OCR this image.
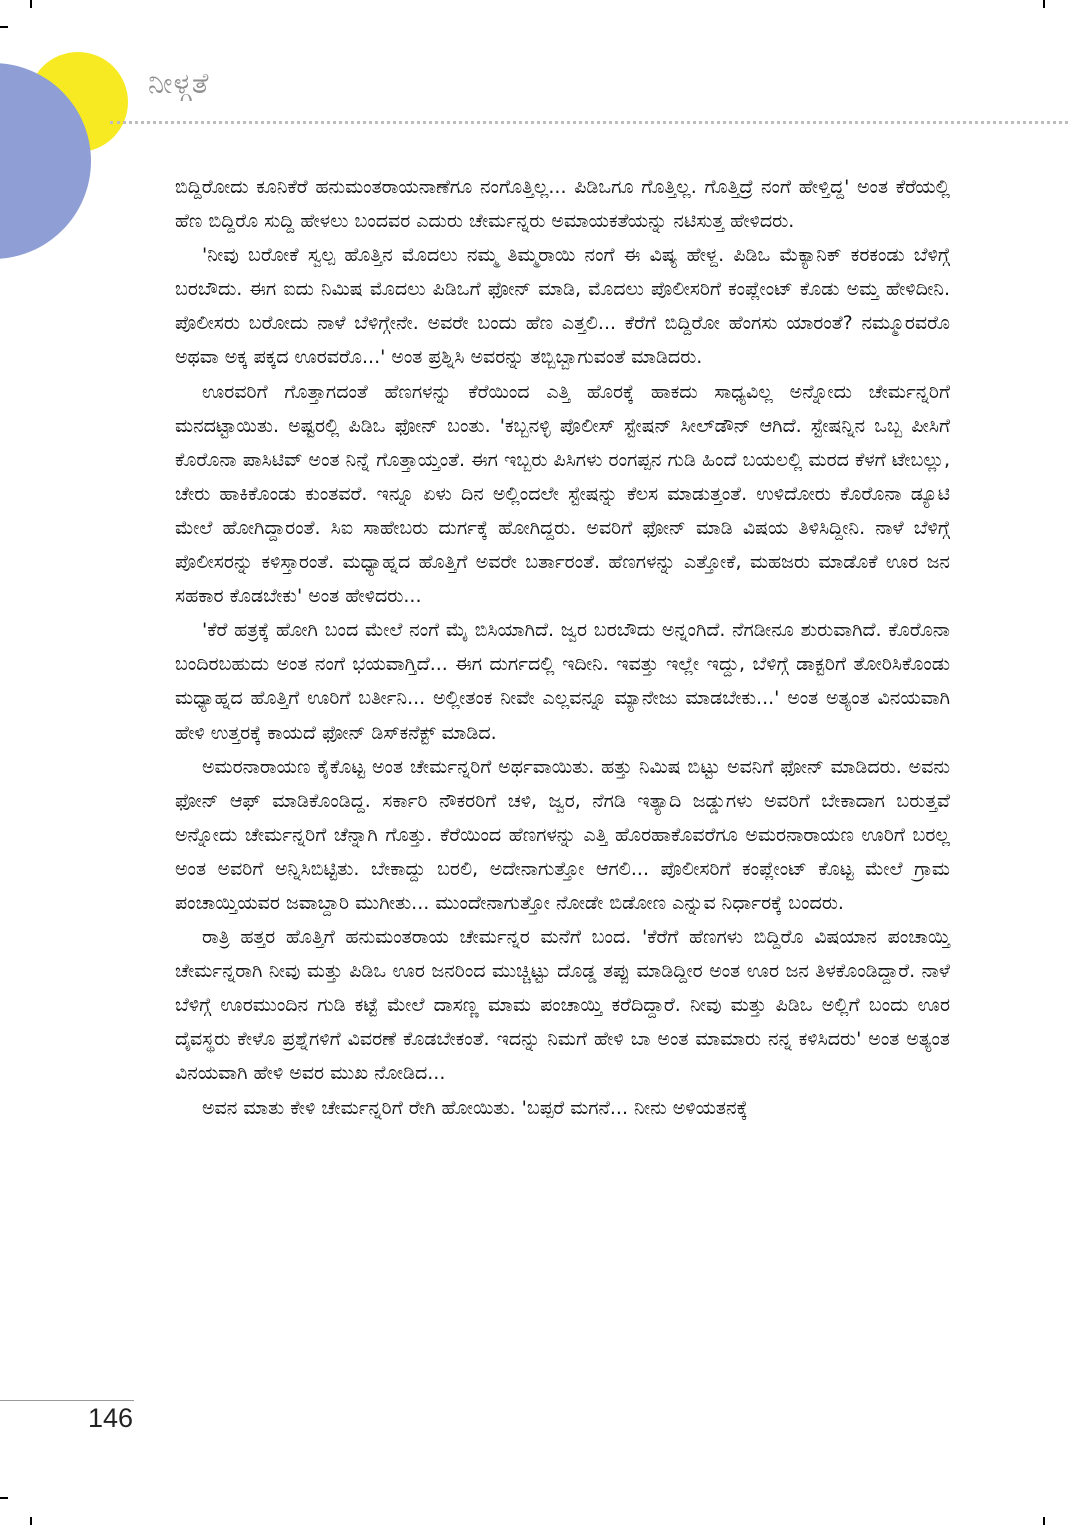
ನೀಳ್ಗತೆ

ಬಿದ್ದಿರೋದು ಕೂನಿಕೆರೆ ಹನುಮಂತರಾಯನಾಣೆಗೂ ನಂಗೊತ್ತಿಲ್ಲ... ಪಿಡಿಒಗೂ ಗೊತ್ತಿಲ್ಲ. ಗೊತ್ತಿದ್ರೆ ನಂಗೆ ಹೇಳ್ತಿದ್ದ' ಅಂತ ಕೆರೆಯಲ್ಲಿ ಹೆಣ ಬಿದ್ದಿರೊ ಸುದ್ದಿ ಹೇಳಲು ಬಂದವರ ಎದುರು ಚೇರ್ಮನ್ನರು ಅಮಾಯಕತೆಯನ್ನು ನಟಿಸುತ್ತ ಹೇಳಿದರು.

'ನೀವು ಬರೋಕೆ ಸ್ವಲ್ಪ ಹೊತ್ತಿನ ಮೊದಲು ನಮ್ಮ ತಿಮ್ಮರಾಯಿ ನಂಗೆ ಈ ವಿಷ್ಯ ಹೇಳ್ದ. ಪಿಡಿಒ ಮೆಕ್ಯಾನಿಕ್ ಕರಕಂಡು ಬೆಳಿಗ್ಗೆ ಬರಬೌದು. ಈಗ ಐದು ನಿಮಿಷ ಮೊದಲು ಪಿಡಿಒಗೆ ಫೋನ್ ಮಾಡಿ, ಮೊದಲು ಪೊಲೀಸರಿಗೆ ಕಂಪ್ಲೇಂಟ್ ಕೊಡು ಅಮ್ತ ಹೇಳಿದೀನಿ. ಪೊಲೀಸರು ಬರೋದು ನಾಳೆ ಬೆಳಿಗ್ಗೇನೇ. ಅವರೇ ಬಂದು ಹೆಣ ಎತ್ತಲಿ... ಕೆರೆಗೆ ಬಿದ್ದಿರೋ ಹೆಂಗಸು ಯಾರಂತೆ? ನಮ್ಮೂರವರೊ ಅಥವಾ ಅಕ್ಕ ಪಕ್ಕದ ಊರವರೊ...' ಅಂತ ಪ್ರಶ್ನಿಸಿ ಅವರನ್ನು ತಬ್ಬಿಬ್ಬಾಗುವಂತೆ ಮಾಡಿದರು.

ಊರವರಿಗೆ ಗೊತ್ತಾಗದಂತೆ ಹೆಣಗಳನ್ನು ಕೆರೆಯಿಂದ ಎತ್ತಿ ಹೊರಕ್ಕೆ ಹಾಕದು ಸಾಧ್ಯವಿಲ್ಲ ಅನ್ನೋದು ಚೇರ್ಮನ್ನರಿಗೆ ಮನದಟ್ಟಾಯಿತು. ಅಷ್ಟರಲ್ಲಿ ಪಿಡಿಒ ಫೋನ್ ಬಂತು. 'ಕಬ್ಬನಳ್ಳಿ ಪೊಲೀಸ್ ಸ್ಟೇಷನ್ ಸೀಲ್‌ಡೌನ್ ಆಗಿದೆ. ಸ್ಟೇಷನ್ನಿನ ಒಬ್ಬ ಪೀಸಿಗೆ ಕೊರೊನಾ ಪಾಸಿಟಿವ್ ಅಂತ ನಿನ್ನೆ ಗೊತ್ತಾಯ್ತಂತೆ. ಈಗ ಇಬ್ಬರು ಪಿಸಿಗಳು ರಂಗಪ್ಪನ ಗುಡಿ ಹಿಂದೆ ಬಯಲಲ್ಲಿ ಮರದ ಕೆಳಗೆ ಟೇಬಲ್ಲು, ಚೇರು ಹಾಕಿಕೊಂಡು ಕುಂತವರೆ. ಇನ್ನೂ ಏಳು ದಿನ ಅಲ್ಲಿಂದಲೇ ಸ್ಟೇಷನ್ನು ಕೆಲಸ ಮಾಡುತ್ತಂತೆ. ಉಳಿದೋರು ಕೊರೊನಾ ಡ್ಯೂಟಿ ಮೇಲೆ ಹೋಗಿದ್ದಾರಂತೆ. ಸಿಐ ಸಾಹೇಬರು ದುರ್ಗಕ್ಕೆ ಹೋಗಿದ್ದರು. ಅವರಿಗೆ ಫೋನ್ ಮಾಡಿ ವಿಷಯ ತಿಳಿಸಿದ್ದೀನಿ. ನಾಳೆ ಬೆಳಿಗ್ಗೆ ಪೊಲೀಸರನ್ನು ಕಳಿಸ್ತಾರಂತೆ. ಮಧ್ಯಾಹ್ನದ ಹೊತ್ತಿಗೆ ಅವರೇ ಬರ್ತಾರಂತೆ. ಹೆಣಗಳನ್ನು ಎತ್ತೋಕೆ, ಮಹಜರು ಮಾಡೊಕೆ ಊರ ಜನ ಸಹಕಾರ ಕೊಡಬೇಕು' ಅಂತ ಹೇಳಿದರು...

'ಕೆರೆ ಹತ್ರಕ್ಕೆ ಹೋಗಿ ಬಂದ ಮೇಲೆ ನಂಗೆ ಮೈ ಬಿಸಿಯಾಗಿದೆ. ಜ್ವರ ಬರಬೌದು ಅನ್ನಂಗಿದೆ. ನೆಗಡೀನೂ ಶುರುವಾಗಿದೆ. ಕೊರೊನಾ ಬಂದಿರಬಹುದು ಅಂತ ನಂಗೆ ಭಯವಾಗ್ತಿದೆ... ಈಗ ದುರ್ಗದಲ್ಲಿ ಇದೀನಿ. ಇವತ್ತು ಇಲ್ಲೇ ಇದ್ದು, ಬೆಳಿಗ್ಗೆ ಡಾಕ್ಟರಿಗೆ ತೋರಿಸಿಕೊಂಡು ಮಧ್ಯಾಹ್ನದ ಹೊತ್ತಿಗೆ ಊರಿಗೆ ಬರ್ತೀನಿ... ಅಲ್ಲೀತಂಕ ನೀವೇ ಎಲ್ಲವನ್ನೂ ಮ್ಯಾನೇಜು ಮಾಡಬೇಕು...' ಅಂತ ಅತ್ಯಂತ ವಿನಯವಾಗಿ ಹೇಳಿ ಉತ್ತರಕ್ಕೆ ಕಾಯದೆ ಫೋನ್ ಡಿಸ್‌ಕನೆಕ್ಟ್ ಮಾಡಿದ.

ಅಮರನಾರಾಯಣ ಕೈಕೊಟ್ಟ ಅಂತ ಚೇರ್ಮನ್ನರಿಗೆ ಅರ್ಥವಾಯಿತು. ಹತ್ತು ನಿಮಿಷ ಬಿಟ್ಟು ಅವನಿಗೆ ಫೋನ್ ಮಾಡಿದರು. ಅವನು ಫೋನ್ ಆಫ್ ಮಾಡಿಕೊಂಡಿದ್ದ. ಸರ್ಕಾರಿ ನೌಕರರಿಗೆ ಚಳಿ, ಜ್ವರ, ನೆಗಡಿ ಇತ್ಯಾದಿ ಜಡ್ಡುಗಳು ಅವರಿಗೆ ಬೇಕಾದಾಗ ಬರುತ್ತವೆ ಅನ್ನೋದು ಚೇರ್ಮನ್ನರಿಗೆ ಚೆನ್ನಾಗಿ ಗೊತ್ತು. ಕೆರೆಯಿಂದ ಹೆಣಗಳನ್ನು ಎತ್ತಿ ಹೊರಹಾಕೊವರೆಗೂ ಅಮರನಾರಾಯಣ ಊರಿಗೆ ಬರಲ್ಲ ಅಂತ ಅವರಿಗೆ ಅನ್ನಿಸಿಬಿಟ್ಟಿತು. ಬೇಕಾದ್ದು ಬರಲಿ, ಅದೇನಾಗುತ್ತೋ ಆಗಲಿ... ಪೊಲೀಸರಿಗೆ ಕಂಪ್ಲೇಂಟ್ ಕೊಟ್ಟ ಮೇಲೆ ಗ್ರಾಮ ಪಂಚಾಯ್ತಿಯವರ ಜವಾಬ್ದಾರಿ ಮುಗೀತು... ಮುಂದೇನಾಗುತ್ತೋ ನೋಡೇ ಬಿಡೋಣ ಎನ್ನುವ ನಿರ್ಧಾರಕ್ಕೆ ಬಂದರು.

ರಾತ್ರಿ ಹತ್ತರ ಹೊತ್ತಿಗೆ ಹನುಮಂತರಾಯ ಚೇರ್ಮನ್ನರ ಮನೆಗೆ ಬಂದ. 'ಕೆರೆಗೆ ಹೆಣಗಳು ಬಿದ್ದಿರೊ ವಿಷಯಾನ ಪಂಚಾಯ್ತಿ ಚೇರ್ಮನ್ನರಾಗಿ ನೀವು ಮತ್ತು ಪಿಡಿಒ ಊರ ಜನರಿಂದ ಮುಚ್ಚಿಟ್ಟು ದೊಡ್ಡ ತಪ್ಪು ಮಾಡಿದ್ದೀರ ಅಂತ ಊರ ಜನ ತಿಳಕೊಂಡಿದ್ದಾರೆ. ನಾಳೆ ಬೆಳಿಗ್ಗೆ ಊರಮುಂದಿನ ಗುಡಿ ಕಟ್ಟೆ ಮೇಲೆ ದಾಸಣ್ಣ ಮಾಮ ಪಂಚಾಯ್ತಿ ಕರೆದಿದ್ದಾರೆ. ನೀವು ಮತ್ತು ಪಿಡಿಒ ಅಲ್ಲಿಗೆ ಬಂದು ಊರ ದೈವಸ್ಥರು ಕೇಳೊ ಪ್ರಶ್ನೆಗಳಿಗೆ ವಿವರಣೆ ಕೊಡಬೇಕಂತೆ. ಇದನ್ನು ನಿಮಗೆ ಹೇಳಿ ಬಾ ಅಂತ ಮಾಮಾರು ನನ್ನ ಕಳಿಸಿದರು' ಅಂತ ಅತ್ಯಂತ ವಿನಯವಾಗಿ ಹೇಳಿ ಅವರ ಮುಖ ನೋಡಿದ...

ಅವನ ಮಾತು ಕೇಳಿ ಚೇರ್ಮನ್ನರಿಗೆ ರೇಗಿ ಹೋಯಿತು. 'ಬಪ್ಪರೆ ಮಗನೆ... ನೀನು ಅಳಿಯತನಕ್ಕೆ

146
